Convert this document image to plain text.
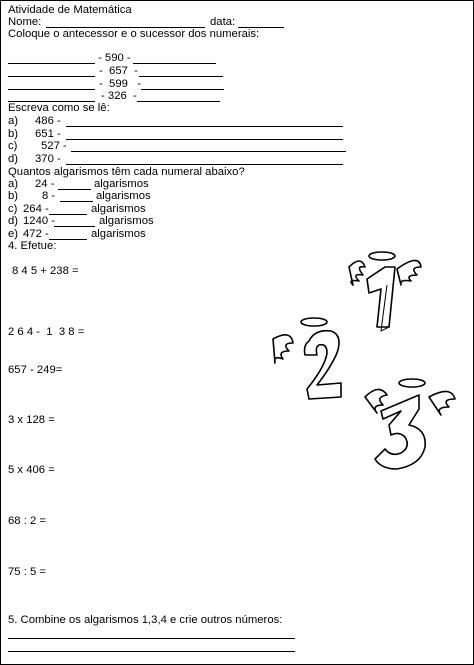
Atividade de Matemática
Nome:	data:
Coloque o antecessor e o sucessor dos numerais:
- 590 -
-  657  -
-  599   -
- 326  -
Escreva como se lê:
a) 486 -
b) 651 -
c) 527 -
d) 370 -
Quantos algarismos têm cada numeral abaixo?
a) 24 -	algarismos
b) 8 -	algarismos
c) 264 -	algarismos
d) 1240 -	algarismos
e) 472 -	algarismos
4. Efetue:
8 4 5 + 238 =
2 6 4 -  1  3 8 =
657 - 249=
3 x 128 =
5 x 406 =
68 : 2 =
75 : 5 =
5. Combine os algarismos 1,3,4 e crie outros números:
